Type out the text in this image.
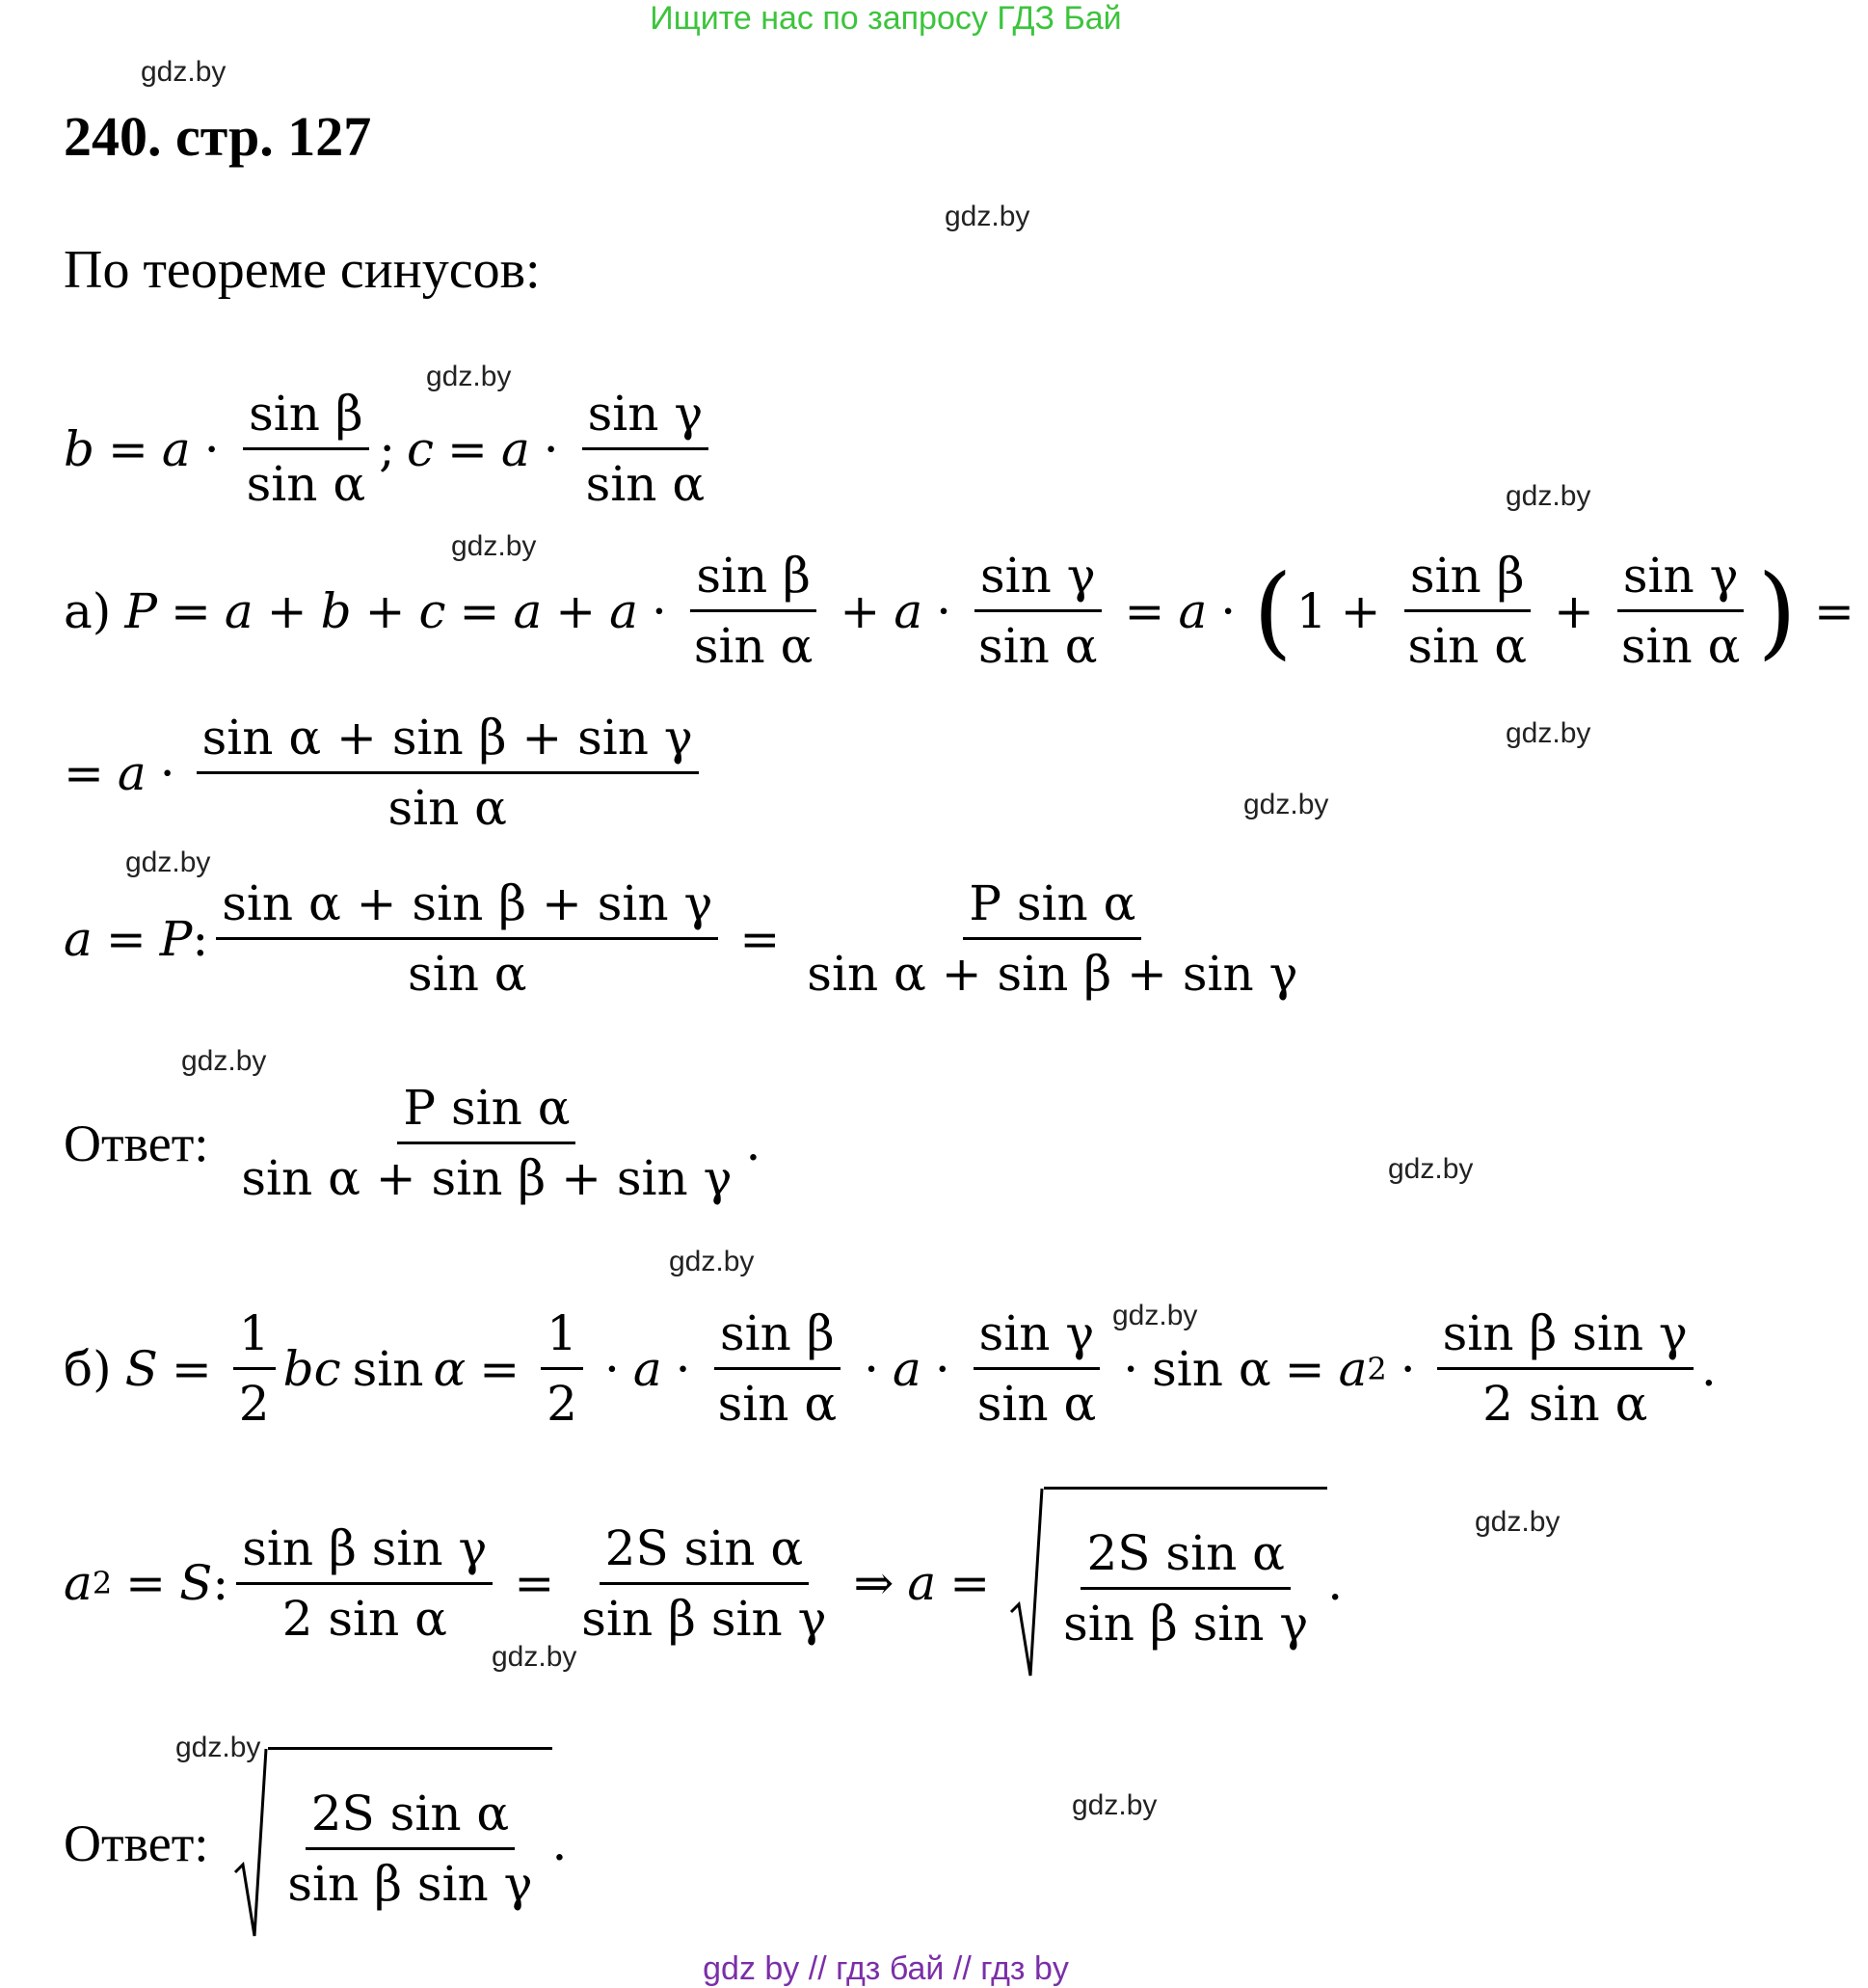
Ищите нас по запросу ГДЗ Бай
gdz.by
240. стр. 127
gdz.by
По теореме синусов:
gdz.by
$b = a \cdot \frac{\text{sin β}}{\text{sin α}}$ ; $c = a \cdot \frac{\text{sin γ}}{\text{sin α}}$	gdz.by
gdz.by
а) $P = a + b + c = a + a \cdot \frac{\text{sin β}}{\text{sin α}} + a \cdot \frac{\text{sin γ}}{\text{sin α}} = a$ · ( $1 + \frac{\text{sin β}}{\text{sin α}} + \frac{\text{sin γ}}{\text{sin α}}$ ) =
gdz.by
= $a \cdot \frac{\text{sin α + sin β + sin γ}}{\text{sin α}}$	gdz.by
gdz.by
a = P : $\frac{\text{sin α + sin β + sin γ}}{\text{sin α}} = \frac{\text{P sin α}}{\text{sin α + sin β + sin γ}}$
gdz.by
Ответ: $\frac{\text{P sin α}}{\text{sin α + sin β + sin γ}}$ .	gdz.by
gdz.by
gdz.by
б) $S = \frac{1}{2}$ bc $\sin \alpha = \frac{1}{2} \cdot a \cdot \frac{\text{sin β}}{\text{sin α}} \cdot a \cdot \frac{\text{sin γ}}{\text{sin α}} \cdot \sin \alpha = a$ $2 \cdot \frac{\text{sin β sin γ}}{\text{2 sin α}}$ .
gdz.by
a 2 = S : $\frac{\text{sin β sin γ}}{\text{2 sin α}} = \frac{\text{2S sin α}}{\text{sin β sin γ}}$ ⇒ $a = \frac{\text{2S sin α}}{\text{sin β sin γ}}$ .
gdz.by
gdz.by
gdz.by
Ответ: $\frac{\text{2S sin α}}{\text{sin β sin γ}}$ .
gdz by // гдз бай // гдз by
